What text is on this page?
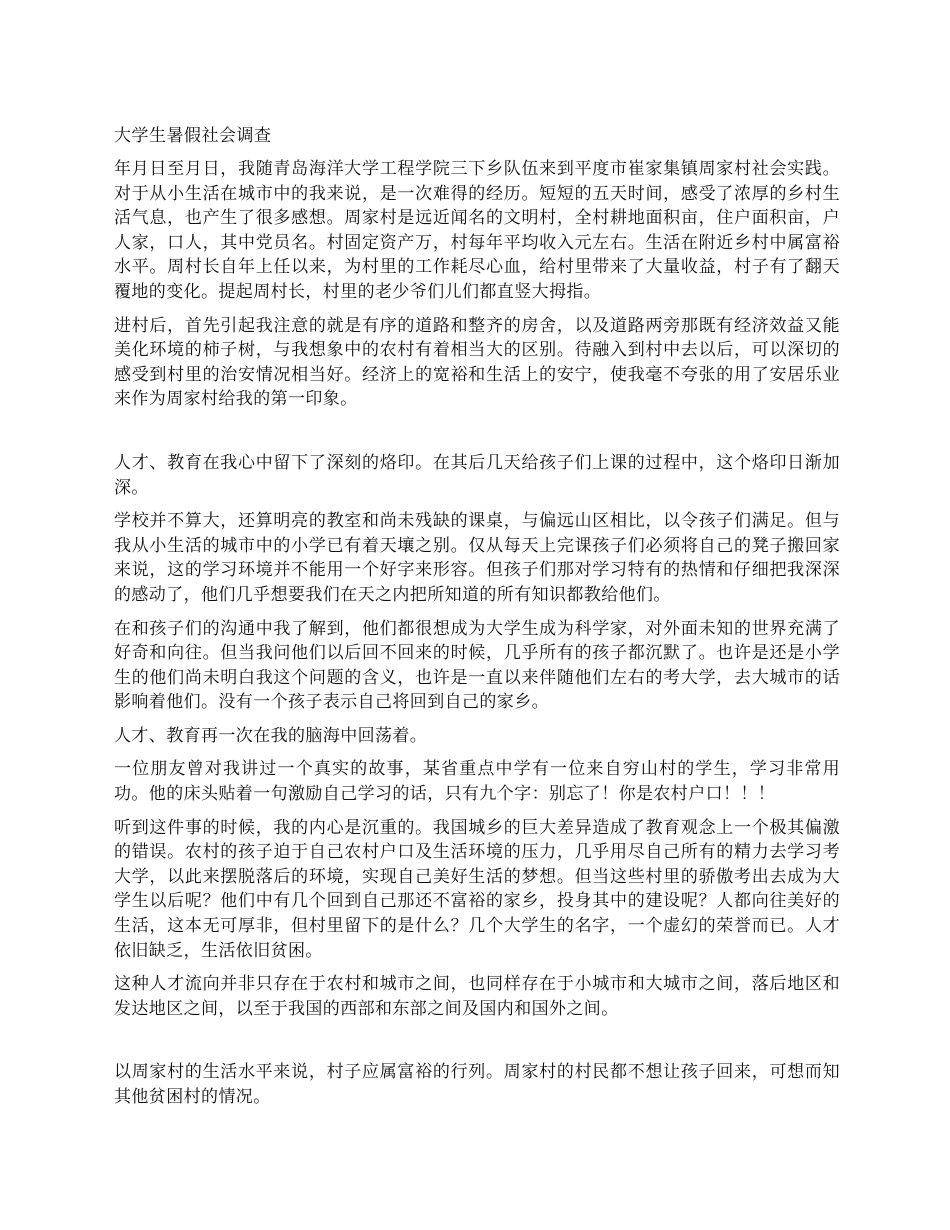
大学生暑假社会调查

年月日至月日，我随青岛海洋大学工程学院三下乡队伍来到平度市崔家集镇周家村社会实践。对于从小生活在城市中的我来说，是一次难得的经历。短短的五天时间，感受了浓厚的乡村生活气息，也产生了很多感想。周家村是远近闻名的文明村，全村耕地面积亩，住户面积亩，户人家，口人，其中党员名。村固定资产万，村每年平均收入元左右。生活在附近乡村中属富裕水平。周村长自年上任以来，为村里的工作耗尽心血，给村里带来了大量收益，村子有了翻天覆地的变化。提起周村长，村里的老少爷们儿们都直竖大拇指。

进村后，首先引起我注意的就是有序的道路和整齐的房舍，以及道路两旁那既有经济效益又能美化环境的柿子树，与我想象中的农村有着相当大的区别。待融入到村中去以后，可以深切的感受到村里的治安情况相当好。经济上的宽裕和生活上的安宁，使我毫不夸张的用了安居乐业来作为周家村给我的第一印象。

人才、教育在我心中留下了深刻的烙印。在其后几天给孩子们上课的过程中，这个烙印日渐加深。

学校并不算大，还算明亮的教室和尚未残缺的课桌，与偏远山区相比，以令孩子们满足。但与我从小生活的城市中的小学已有着天壤之别。仅从每天上完课孩子们必须将自己的凳子搬回家来说，这的学习环境并不能用一个好字来形容。但孩子们那对学习特有的热情和仔细把我深深的感动了，他们几乎想要我们在天之内把所知道的所有知识都教给他们。

在和孩子们的沟通中我了解到，他们都很想成为大学生成为科学家，对外面未知的世界充满了好奇和向往。但当我问他们以后回不回来的时候，几乎所有的孩子都沉默了。也许是还是小学生的他们尚未明白我这个问题的含义，也许是一直以来伴随他们左右的考大学，去大城市的话影响着他们。没有一个孩子表示自己将回到自己的家乡。

人才、教育再一次在我的脑海中回荡着。

一位朋友曾对我讲过一个真实的故事，某省重点中学有一位来自穷山村的学生，学习非常用功。他的床头贴着一句激励自己学习的话，只有九个字：别忘了！你是农村户口！！！

听到这件事的时候，我的内心是沉重的。我国城乡的巨大差异造成了教育观念上一个极其偏激的错误。农村的孩子迫于自己农村户口及生活环境的压力，几乎用尽自己所有的精力去学习考大学，以此来摆脱落后的环境，实现自己美好生活的梦想。但当这些村里的骄傲考出去成为大学生以后呢？他们中有几个回到自己那还不富裕的家乡，投身其中的建设呢？人都向往美好的生活，这本无可厚非，但村里留下的是什么？几个大学生的名字，一个虚幻的荣誉而已。人才依旧缺乏，生活依旧贫困。

这种人才流向并非只存在于农村和城市之间，也同样存在于小城市和大城市之间，落后地区和发达地区之间，以至于我国的西部和东部之间及国内和国外之间。

以周家村的生活水平来说，村子应属富裕的行列。周家村的村民都不想让孩子回来，可想而知其他贫困村的情况。
